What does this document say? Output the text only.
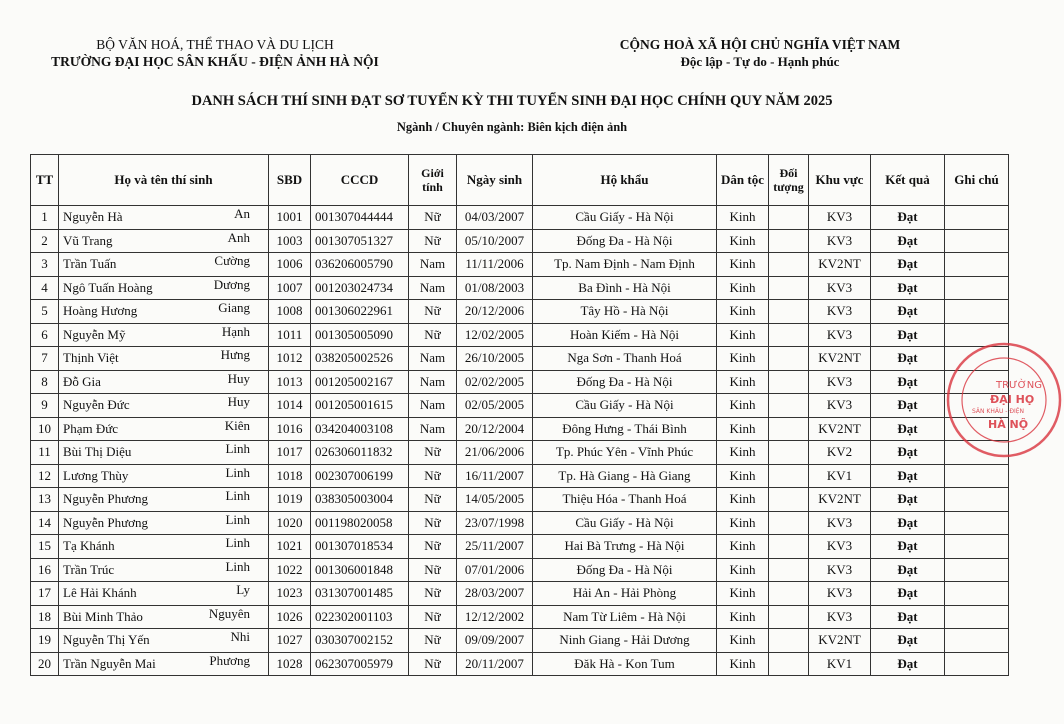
BỘ VĂN HOÁ, THỂ THAO VÀ DU LỊCH
TRƯỜNG ĐẠI HỌC SÂN KHẤU - ĐIỆN ẢNH HÀ NỘI
CỘNG HOÀ XÃ HỘI CHỦ NGHĨA VIỆT NAM
Độc lập - Tự do - Hạnh phúc
DANH SÁCH THÍ SINH ĐẠT SƠ TUYỂN KỲ THI TUYỂN SINH ĐẠI HỌC CHÍNH QUY NĂM 2025
Ngành / Chuyên ngành: Biên kịch điện ảnh
TT	Họ và tên thí sinh	SBD	CCCD	Giới tính	Ngày sinh	Hộ khẩu	Dân tộc	Đối tượng	Khu vực	Kết quả	Ghi chú
1	Nguyễn Hà An	1001	001307044444	Nữ	04/03/2007	Cầu Giấy - Hà Nội	Kinh		KV3	Đạt	
2	Vũ Trang Anh	1003	001307051327	Nữ	05/10/2007	Đống Đa - Hà Nội	Kinh		KV3	Đạt	
3	Trần Tuấn Cường	1006	036206005790	Nam	11/11/2006	Tp. Nam Định - Nam Định	Kinh		KV2NT	Đạt	
4	Ngô Tuấn Hoàng Dương	1007	001203024734	Nam	01/08/2003	Ba Đình - Hà Nội	Kinh		KV3	Đạt	
5	Hoàng Hương Giang	1008	001306022961	Nữ	20/12/2006	Tây Hồ - Hà Nội	Kinh		KV3	Đạt	
6	Nguyễn Mỹ Hạnh	1011	001305005090	Nữ	12/02/2005	Hoàn Kiếm - Hà Nội	Kinh		KV3	Đạt	
7	Thịnh Việt Hưng	1012	038205002526	Nam	26/10/2005	Nga Sơn - Thanh Hoá	Kinh		KV2NT	Đạt	
8	Đỗ Gia Huy	1013	001205002167	Nam	02/02/2005	Đống Đa - Hà Nội	Kinh		KV3	Đạt	
9	Nguyễn Đức Huy	1014	001205001615	Nam	02/05/2005	Cầu Giấy - Hà Nội	Kinh		KV3	Đạt	
10	Phạm Đức Kiên	1016	034204003108	Nam	20/12/2004	Đông Hưng - Thái Bình	Kinh		KV2NT	Đạt	
11	Bùi Thị Diệu Linh	1017	026306011832	Nữ	21/06/2006	Tp. Phúc Yên - Vĩnh Phúc	Kinh		KV2	Đạt	
12	Lương Thùy Linh	1018	002307006199	Nữ	16/11/2007	Tp. Hà Giang - Hà Giang	Kinh		KV1	Đạt	
13	Nguyễn Phương Linh	1019	038305003004	Nữ	14/05/2005	Thiệu Hóa - Thanh Hoá	Kinh		KV2NT	Đạt	
14	Nguyễn Phương Linh	1020	001198020058	Nữ	23/07/1998	Cầu Giấy - Hà Nội	Kinh		KV3	Đạt	
15	Tạ Khánh Linh	1021	001307018534	Nữ	25/11/2007	Hai Bà Trưng - Hà Nội	Kinh		KV3	Đạt	
16	Trần Trúc Linh	1022	001306001848	Nữ	07/01/2006	Đống Đa - Hà Nội	Kinh		KV3	Đạt	
17	Lê Hải Khánh Ly	1023	031307001485	Nữ	28/03/2007	Hải An - Hải Phòng	Kinh		KV3	Đạt	
18	Bùi Minh Thảo Nguyên	1026	022302001103	Nữ	12/12/2002	Nam Từ Liêm - Hà Nội	Kinh		KV3	Đạt	
19	Nguyễn Thị Yến Nhi	1027	030307002152	Nữ	09/09/2007	Ninh Giang - Hải Dương	Kinh		KV2NT	Đạt	
20	Trần Nguyễn Mai Phương	1028	062307005979	Nữ	20/11/2007	Đăk Hà - Kon Tum	Kinh		KV1	Đạt	
TRƯỜNG
ĐẠI HỌ
SÂN KHẤU - ĐIỆN
HÀ NỘ
